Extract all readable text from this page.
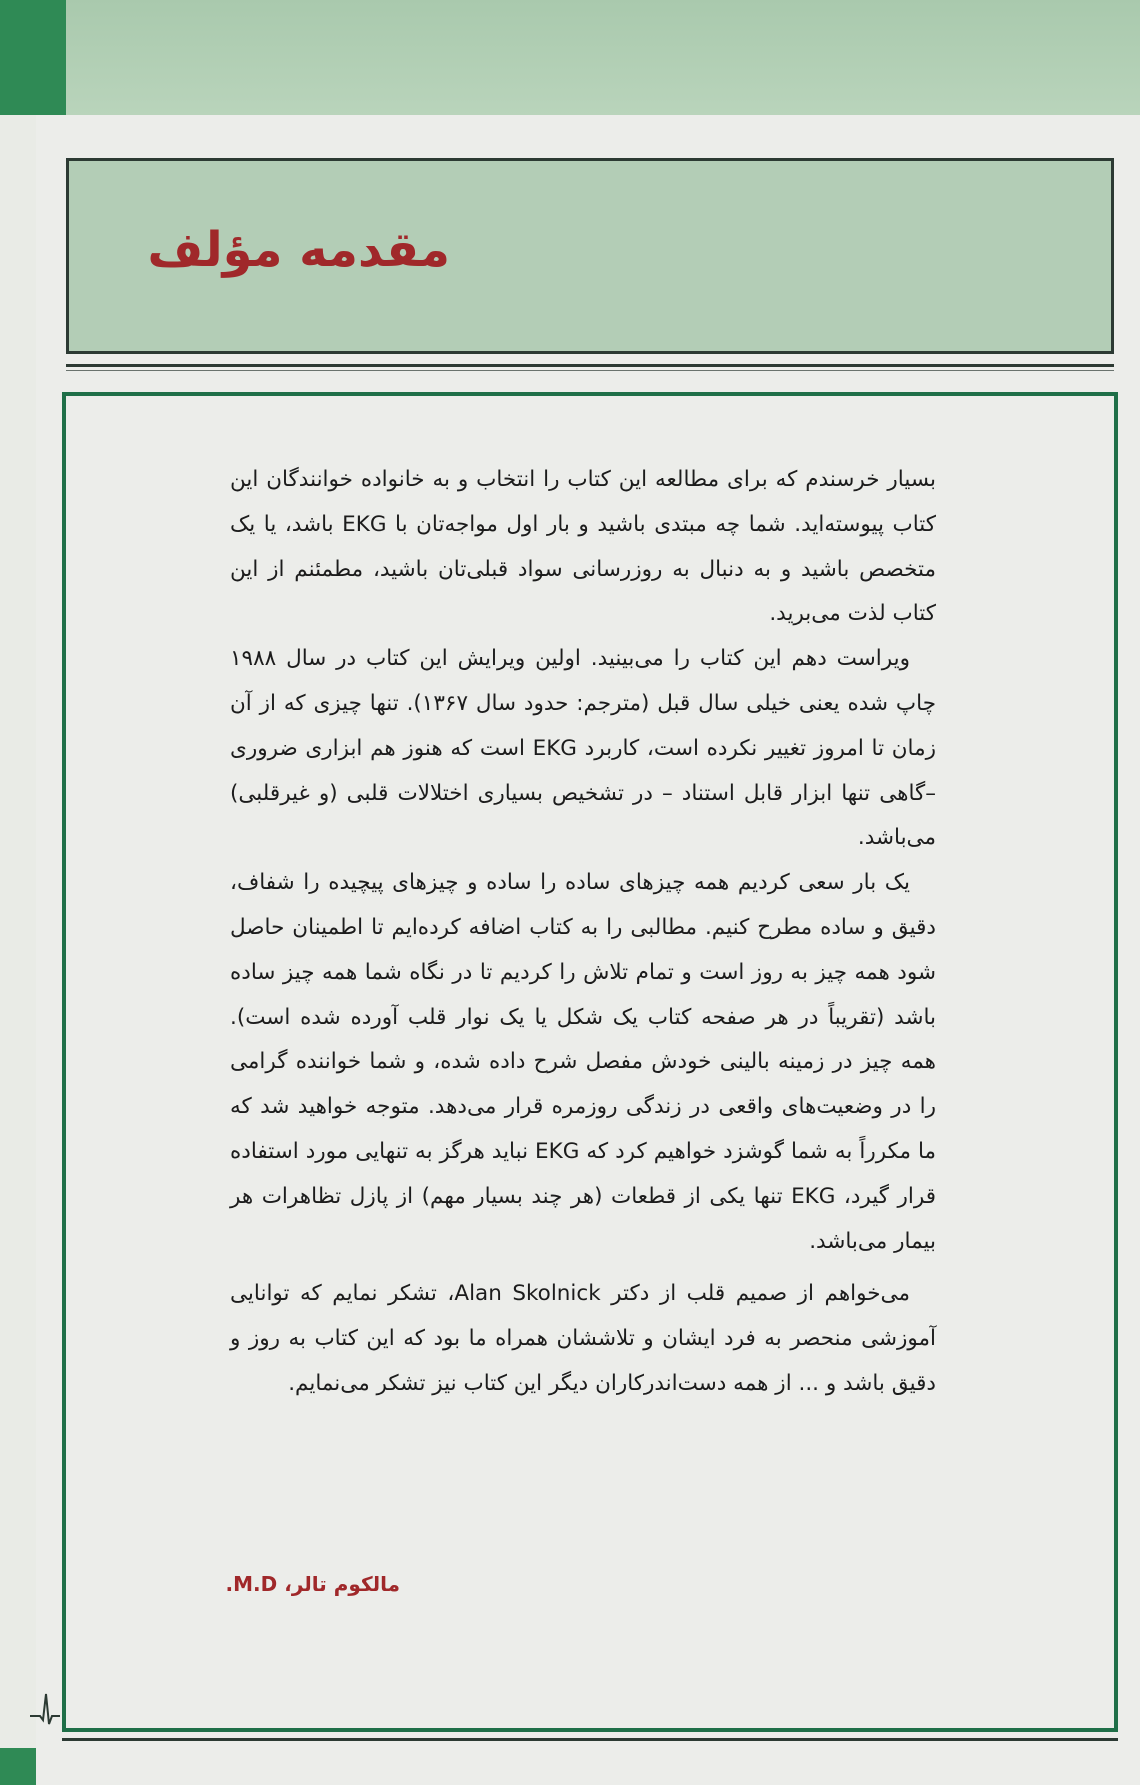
مقدمه مؤلف

بسیار خرسندم که برای مطالعه این کتاب را انتخاب و به خانواده خوانندگان این کتاب پیوسته‌اید. شما چه مبتدی باشید و بار اول مواجه‌تان با EKG باشد، یا یک متخصص باشید و به دنبال به روزرسانی سواد قبلی‌تان باشید، مطمئنم از این کتاب لذت می‌برید.

ویراست دهم این کتاب را می‌بینید. اولین ویرایش این کتاب در سال ۱۹۸۸ چاپ شده یعنی خیلی سال قبل (مترجم: حدود سال ۱۳۶۷). تنها چیزی که از آن زمان تا امروز تغییر نکرده است، کاربرد EKG است که هنوز هم ابزاری ضروری –گاهی تنها ابزار قابل استناد – در تشخیص بسیاری اختلالات قلبی (و غیرقلبی) می‌باشد.

یک بار سعی کردیم همه چیزهای ساده را ساده و چیزهای پیچیده را شفاف، دقیق و ساده مطرح کنیم. مطالبی را به کتاب اضافه کرده‌ایم تا اطمینان حاصل شود همه چیز به روز است و تمام تلاش را کردیم تا در نگاه شما همه چیز ساده باشد (تقریباً در هر صفحه کتاب یک شکل یا یک نوار قلب آورده شده است). همه چیز در زمینه بالینی خودش مفصل شرح داده شده، و شما خواننده گرامی را در وضعیت‌های واقعی در زندگی روزمره قرار می‌دهد. متوجه خواهید شد که ما مکرراً به شما گوشزد خواهیم کرد که EKG نباید هرگز به تنهایی مورد استفاده قرار گیرد، EKG تنها یکی از قطعات (هر چند بسیار مهم) از پازل تظاهرات هر بیمار می‌باشد.

می‌خواهم از صمیم قلب از دکتر Alan Skolnick، تشکر نمایم که توانایی آموزشی منحصر به فرد ایشان و تلاششان همراه ما بود که این کتاب به روز و دقیق باشد و ... از همه دست‌اندرکاران دیگر این کتاب نیز تشکر می‌نمایم.

مالکوم تالر، M.D.
